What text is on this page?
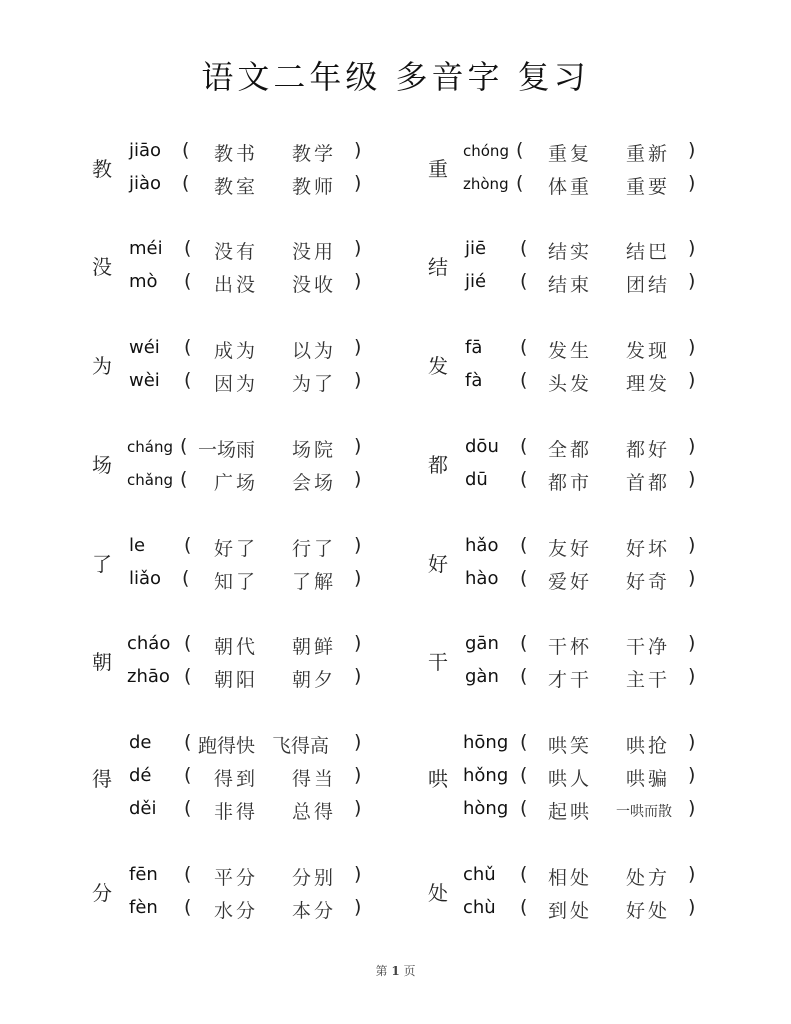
语文二年级 多音字 复习
教
jiāo ( 教书 教学 )
jiào ( 教室 教师 )
没
méi ( 没有 没用 )
mò ( 出没 没收 )
为
wéi ( 成为 以为 )
wèi ( 因为 为了 )
场
cháng ( 一场雨 场院 )
chǎng ( 广场 会场 )
了
le ( 好了 行了 )
liǎo ( 知了 了解 )
朝
cháo ( 朝代 朝鲜 )
zhāo ( 朝阳 朝夕 )
得
de ( 跑得快 飞得高 )
dé ( 得到 得当 )
děi ( 非得 总得 )
分
fēn ( 平分 分别 )
fèn ( 水分 本分 )
重
chóng ( 重复 重新 )
zhòng ( 体重 重要 )
结
jiē ( 结实 结巴 )
jié ( 结束 团结 )
发
fā ( 发生 发现 )
fà ( 头发 理发 )
都
dōu ( 全都 都好 )
dū ( 都市 首都 )
好
hǎo ( 友好 好坏 )
hào ( 爱好 好奇 )
干
gān ( 干杯 干净 )
gàn ( 才干 主干 )
哄
hōng ( 哄笑 哄抢 )
hǒng ( 哄人 哄骗 )
hòng ( 起哄 一哄而散 )
处
chǔ ( 相处 处方 )
chù ( 到处 好处 )
第 1 页
